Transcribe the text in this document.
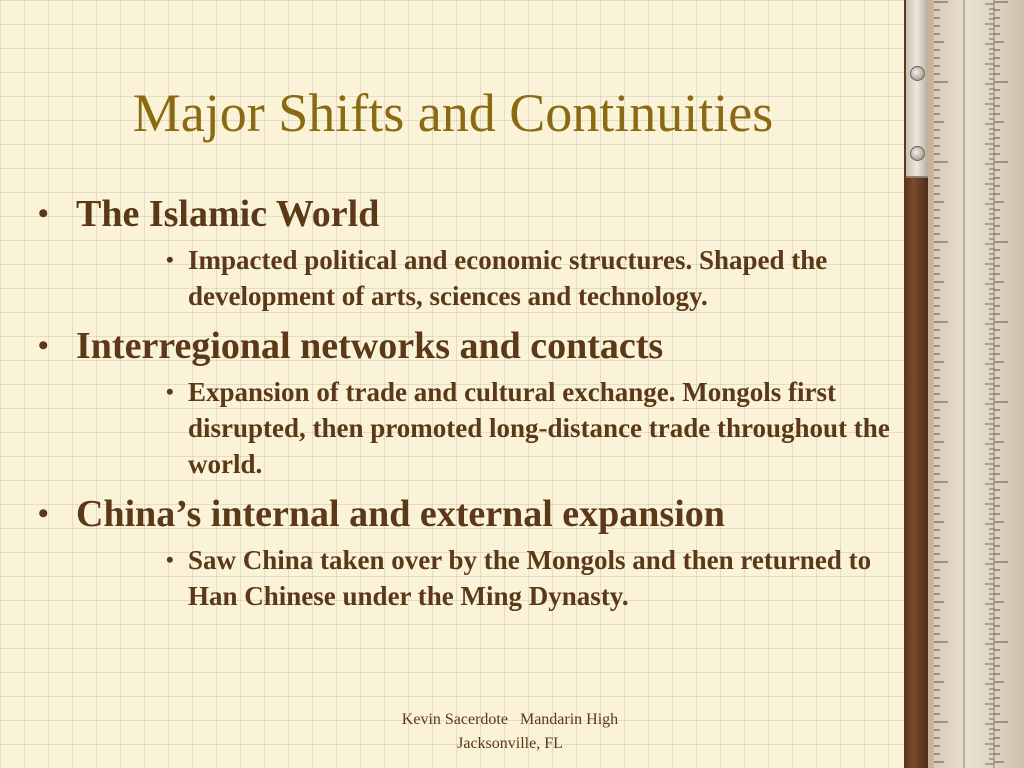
Major Shifts and Continuities
• The Islamic World
• Impacted political and economic structures. Shaped the development of arts, sciences and technology.
• Interregional networks and contacts
• Expansion of trade and cultural exchange. Mongols first disrupted, then promoted long-distance trade throughout the world.
• China’s internal and external expansion
• Saw China taken over by the Mongols and then returned to Han Chinese under the Ming Dynasty.
Kevin Sacerdote   Mandarin High
Jacksonville, FL
